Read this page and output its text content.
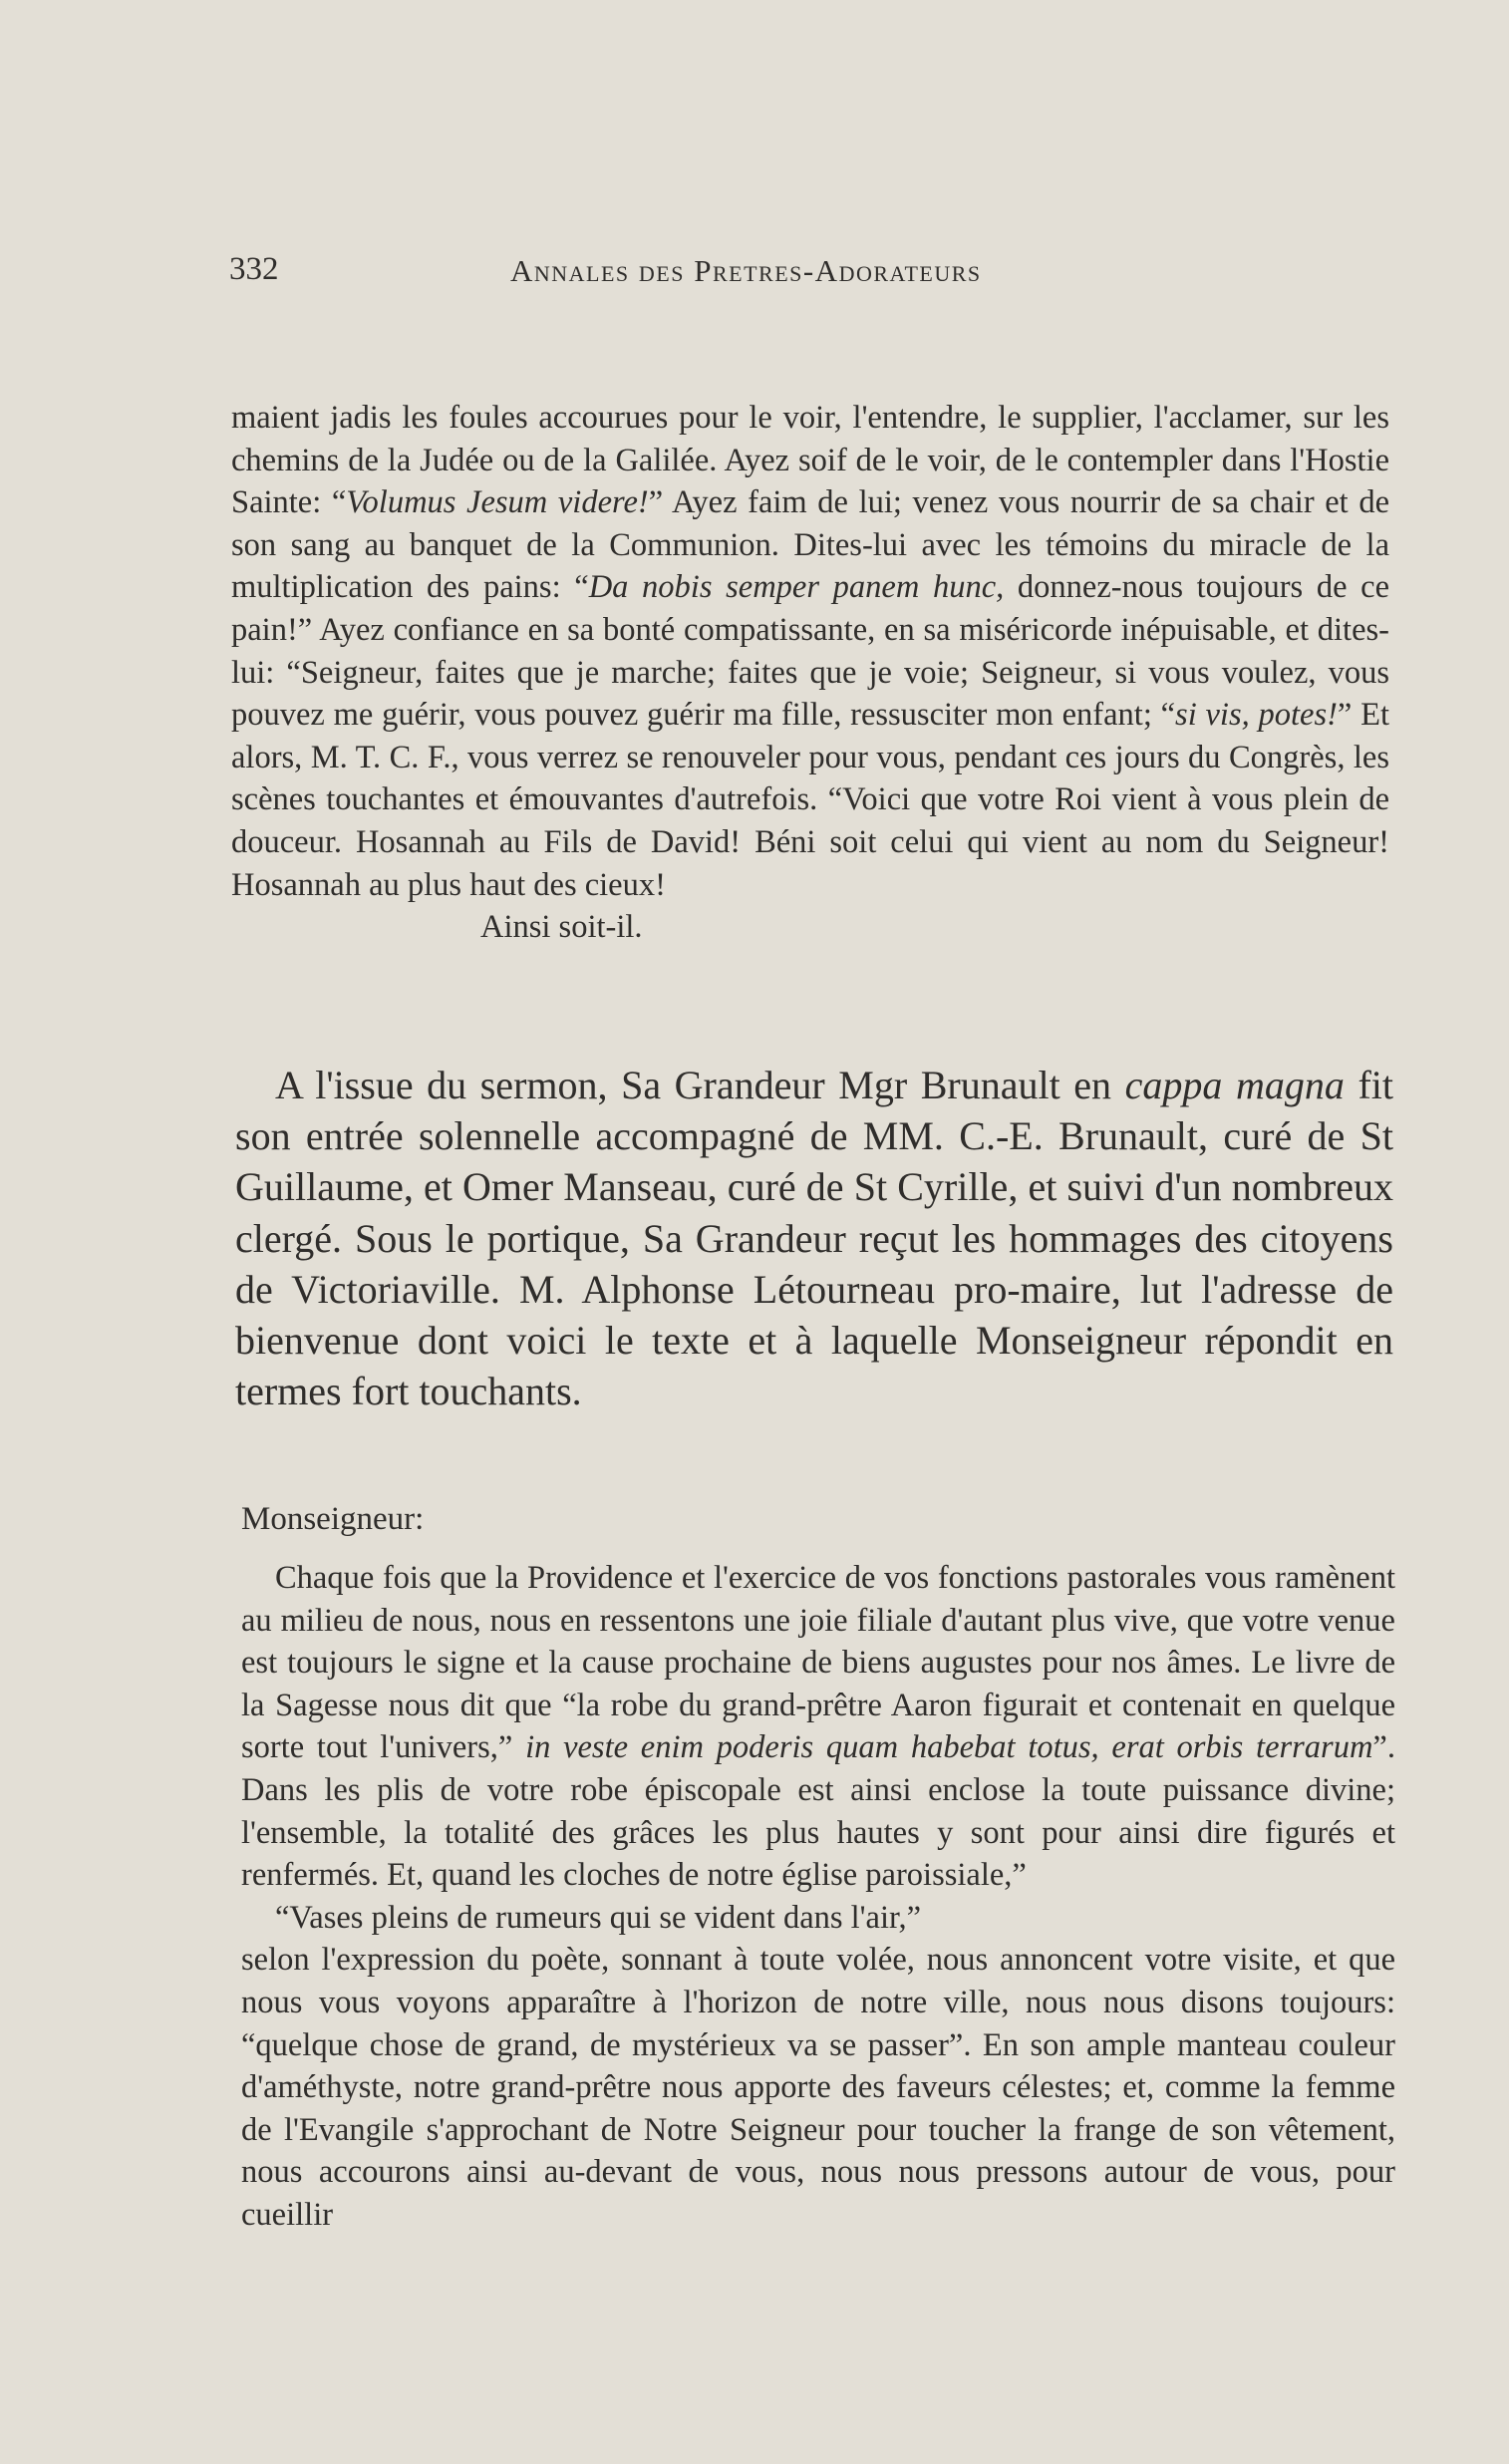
332	Annales des Pretres-Adorateurs

maient jadis les foules accourues pour le voir, l'entendre, le supplier, l'acclamer, sur les chemins de la Judée ou de la Galilée. Ayez soif de le voir, de le contempler dans l'Hostie Sainte: “Volumus Jesum videre!” Ayez faim de lui; venez vous nourrir de sa chair et de son sang au banquet de la Communion. Dites-lui avec les témoins du miracle de la multiplication des pains: “Da nobis semper panem hunc, donnez-nous toujours de ce pain!” Ayez confiance en sa bonté compatissante, en sa miséricorde inépuisable, et dites-lui: “Seigneur, faites que je marche; faites que je voie; Seigneur, si vous voulez, vous pouvez me guérir, vous pouvez guérir ma fille, ressusciter mon enfant; “si vis, potes!” Et alors, M. T. C. F., vous verrez se renouveler pour vous, pendant ces jours du Congrès, les scènes touchantes et émouvantes d'autrefois. “Voici que votre Roi vient à vous plein de douceur. Hosannah au Fils de David! Béni soit celui qui vient au nom du Seigneur! Hosannah au plus haut des cieux!

Ainsi soit-il.

A l'issue du sermon, Sa Grandeur Mgr Brunault en cappa magna fit son entrée solennelle accompagné de MM. C.-E. Brunault, curé de St Guillaume, et Omer Manseau, curé de St Cyrille, et suivi d'un nombreux clergé. Sous le portique, Sa Grandeur reçut les hommages des citoyens de Victoriaville. M. Alphonse Létourneau pro-maire, lut l'adresse de bienvenue dont voici le texte et à laquelle Monseigneur répondit en termes fort touchants.

Monseigneur:

Chaque fois que la Providence et l'exercice de vos fonctions pastorales vous ramènent au milieu de nous, nous en ressentons une joie filiale d'autant plus vive, que votre venue est toujours le signe et la cause prochaine de biens augustes pour nos âmes. Le livre de la Sagesse nous dit que “la robe du grand-prêtre Aaron figurait et contenait en quelque sorte tout l'univers,” in veste enim poderis quam habebat totus, erat orbis terrarum”. Dans les plis de votre robe épiscopale est ainsi enclose la toute puissance divine; l'ensemble, la totalité des grâces les plus hautes y sont pour ainsi dire figurés et renfermés. Et, quand les cloches de notre église paroissiale,”

“Vases pleins de rumeurs qui se vident dans l'air,”

selon l'expression du poète, sonnant à toute volée, nous annoncent votre visite, et que nous vous voyons apparaître à l'horizon de notre ville, nous nous disons toujours: “quelque chose de grand, de mystérieux va se passer”. En son ample manteau couleur d'améthyste, notre grand-prêtre nous apporte des faveurs célestes; et, comme la femme de l'Evangile s'approchant de Notre Seigneur pour toucher la frange de son vêtement, nous accourons ainsi au-devant de vous, nous nous pressons autour de vous, pour cueillir
